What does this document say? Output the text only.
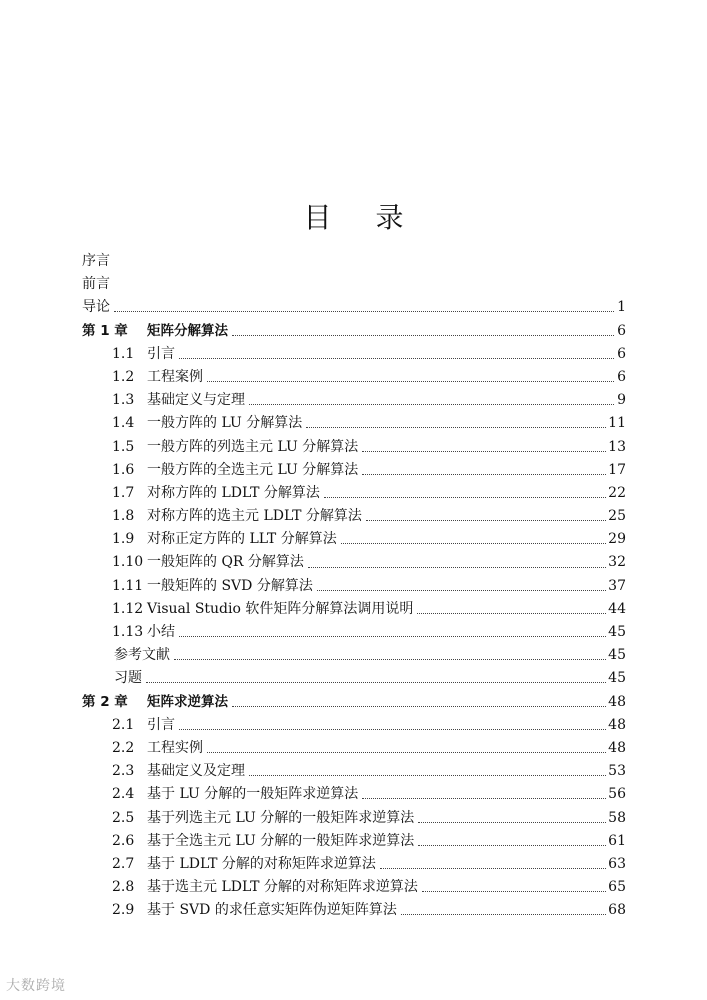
目 录
序言
前言
导论	1
第 1 章	矩阵分解算法	6
1.1 引言	6
1.2 工程案例	6
1.3 基础定义与定理	9
1.4 一般方阵的 LU 分解算法	11
1.5 一般方阵的列选主元 LU 分解算法	13
1.6 一般方阵的全选主元 LU 分解算法	17
1.7 对称方阵的 LDLT 分解算法	22
1.8 对称方阵的选主元 LDLT 分解算法	25
1.9 对称正定方阵的 LLT 分解算法	29
1.10 一般矩阵的 QR 分解算法	32
1.11 一般矩阵的 SVD 分解算法	37
1.12 Visual Studio 软件矩阵分解算法调用说明	44
1.13 小结	45
参考文献	45
习题	45
第 2 章	矩阵求逆算法	48
2.1 引言	48
2.2 工程实例	48
2.3 基础定义及定理	53
2.4 基于 LU 分解的一般矩阵求逆算法	56
2.5 基于列选主元 LU 分解的一般矩阵求逆算法	58
2.6 基于全选主元 LU 分解的一般矩阵求逆算法	61
2.7 基于 LDLT 分解的对称矩阵求逆算法	63
2.8 基于选主元 LDLT 分解的对称矩阵求逆算法	65
2.9 基于 SVD 的求任意实矩阵伪逆矩阵算法	68
大数跨境
